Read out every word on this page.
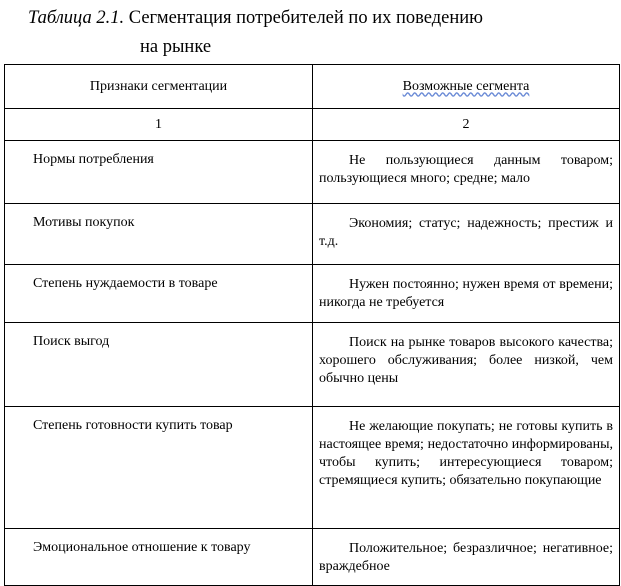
Таблица 2.1. Сегментация потребителей по их поведению
на рынке
Признаки сегментации	Возможные сегмента
1	2
Нормы потребления	Не пользующиеся данным товаром; пользующиеся много; средне; мало
Мотивы покупок	Экономия; статус; надежность; престиж и т.д.
Степень нуждаемости в товаре	Нужен постоянно; нужен время от времени; никогда не требуется
Поиск выгод	Поиск на рынке товаров высокого качества; хорошего обслуживания; более низкой, чем обычно цены
Степень готовности купить товар	Не желающие покупать; не готовы купить в настоящее время; недостаточно информированы, чтобы купить; интересующиеся товаром; стремящиеся купить; обязательно покупающие
Эмоциональное отношение к товару	Положительное; безразличное; негативное; враждебное
